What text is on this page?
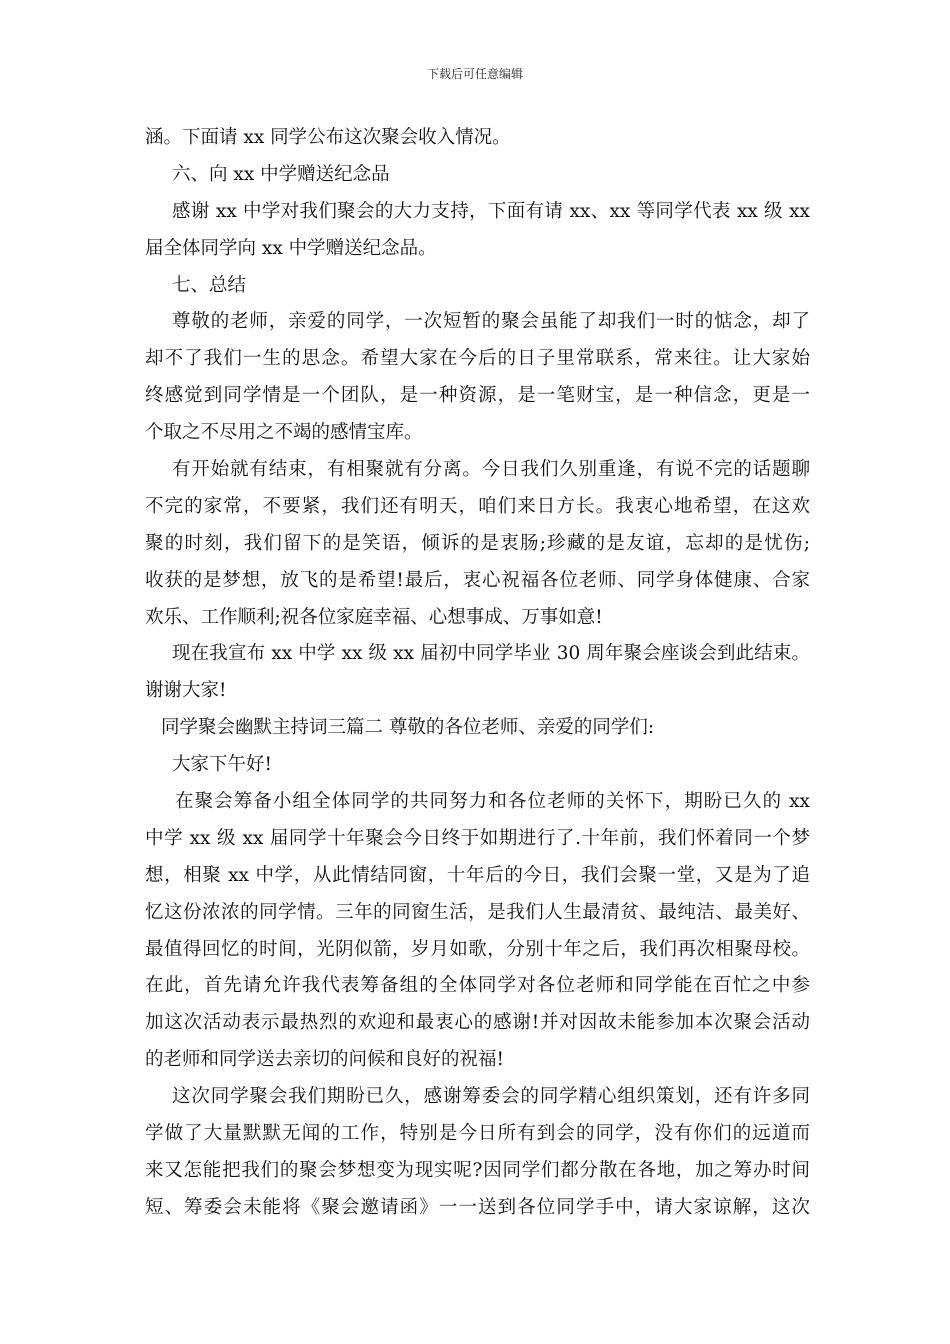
下载后可任意编辑
涵。下面请 xx 同学公布这次聚会收入情况。
六、向 xx 中学赠送纪念品
感谢 xx 中学对我们聚会的大力支持，下面有请 xx、xx 等同学代表 xx 级 xx
届全体同学向 xx 中学赠送纪念品。
七、总结
尊敬的老师，亲爱的同学，一次短暂的聚会虽能了却我们一时的惦念，却了
却不了我们一生的思念。希望大家在今后的日子里常联系，常来往。让大家始
终感觉到同学情是一个团队，是一种资源，是一笔财宝，是一种信念，更是一
个取之不尽用之不竭的感情宝库。
有开始就有结束，有相聚就有分离。今日我们久别重逢，有说不完的话题聊
不完的家常，不要紧，我们还有明天，咱们来日方长。我衷心地希望，在这欢
聚的时刻，我们留下的是笑语，倾诉的是衷肠;珍藏的是友谊，忘却的是忧伤;
收获的是梦想，放飞的是希望!最后，衷心祝福各位老师、同学身体健康、合家
欢乐、工作顺利;祝各位家庭幸福、心想事成、万事如意!
现在我宣布 xx 中学 xx 级 xx 届初中同学毕业 30 周年聚会座谈会到此结束。
谢谢大家!
同学聚会幽默主持词三篇二 尊敬的各位老师、亲爱的同学们:
大家下午好!
在聚会筹备小组全体同学的共同努力和各位老师的关怀下，期盼已久的 xx
中学 xx 级 xx 届同学十年聚会今日终于如期进行了.十年前，我们怀着同一个梦
想，相聚 xx 中学，从此情结同窗，十年后的今日，我们会聚一堂，又是为了追
忆这份浓浓的同学情。三年的同窗生活，是我们人生最清贫、最纯洁、最美好、
最值得回忆的时间，光阴似箭，岁月如歌，分别十年之后，我们再次相聚母校。
在此，首先请允许我代表筹备组的全体同学对各位老师和同学能在百忙之中参
加这次活动表示最热烈的欢迎和最衷心的感谢!并对因故未能参加本次聚会活动
的老师和同学送去亲切的问候和良好的祝福!
这次同学聚会我们期盼已久，感谢筹委会的同学精心组织策划，还有许多同
学做了大量默默无闻的工作，特别是今日所有到会的同学，没有你们的远道而
来又怎能把我们的聚会梦想变为现实呢?因同学们都分散在各地，加之筹办时间
短、筹委会未能将《聚会邀请函》一一送到各位同学手中，请大家谅解，这次
